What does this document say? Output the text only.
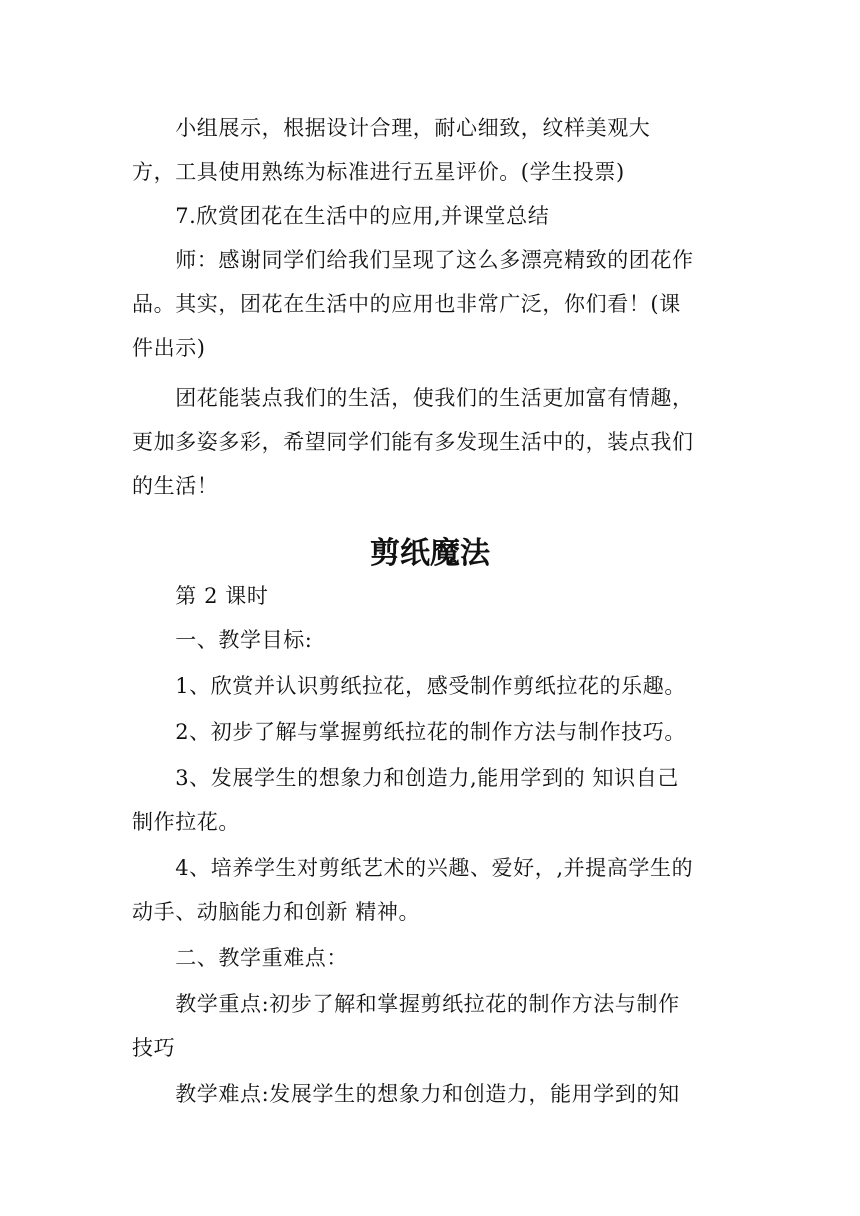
　　小组展示，根据设计合理，耐心细致，纹样美观大
方，工具使用熟练为标准进行五星评价。(学生投票)
　　7.欣赏团花在生活中的应用,并课堂总结
　　师：感谢同学们给我们呈现了这么多漂亮精致的团花作
品。其实，团花在生活中的应用也非常广泛，你们看！(课
件出示)
　　团花能装点我们的生活，使我们的生活更加富有情趣，
更加多姿多彩，希望同学们能有多发现生活中的，装点我们
的生活！
剪纸魔法
　　第 2 课时
　　一、教学目标:
　　1、欣赏并认识剪纸拉花，感受制作剪纸拉花的乐趣。
　　2、初步了解与掌握剪纸拉花的制作方法与制作技巧。
　　3、发展学生的想象力和创造力,能用学到的 知识自己
制作拉花。
　　4、培养学生对剪纸艺术的兴趣、爱好，,并提高学生的
动手、动脑能力和创新 精神。
　　二、教学重难点：
　　教学重点:初步了解和掌握剪纸拉花的制作方法与制作
技巧
　　教学难点:发展学生的想象力和创造力，能用学到的知
